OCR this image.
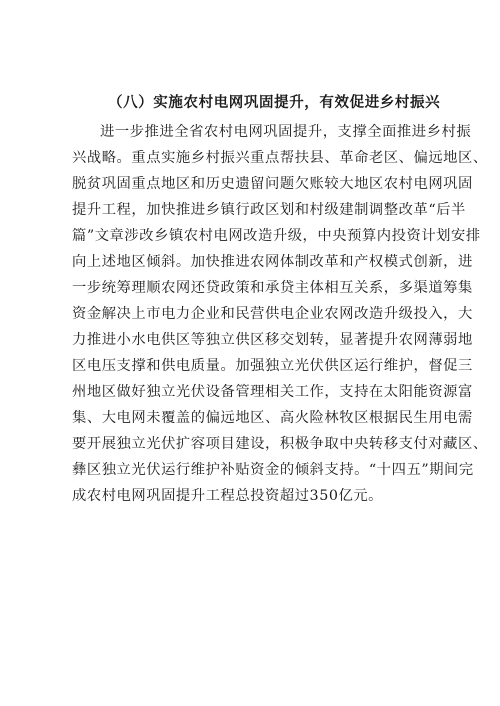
（八）实施农村电网巩固提升，有效促进乡村振兴
进一步推进全省农村电网巩固提升，支撑全面推进乡村振
兴战略。重点实施乡村振兴重点帮扶县、革命老区、偏远地区、
脱贫巩固重点地区和历史遗留问题欠账较大地区农村电网巩固
提升工程，加快推进乡镇行政区划和村级建制调整改革“后半
篇”文章涉改乡镇农村电网改造升级，中央预算内投资计划安排
向上述地区倾斜。加快推进农网体制改革和产权模式创新，进
一步统筹理顺农网还贷政策和承贷主体相互关系，多渠道筹集
资金解决上市电力企业和民营供电企业农网改造升级投入，大
力推进小水电供区等独立供区移交划转，显著提升农网薄弱地
区电压支撑和供电质量。加强独立光伏供区运行维护，督促三
州地区做好独立光伏设备管理相关工作，支持在太阳能资源富
集、大电网未覆盖的偏远地区、高火险林牧区根据民生用电需
要开展独立光伏扩容项目建设，积极争取中央转移支付对藏区、
彝区独立光伏运行维护补贴资金的倾斜支持。“十四五”期间完
成农村电网巩固提升工程总投资超过350亿元。
